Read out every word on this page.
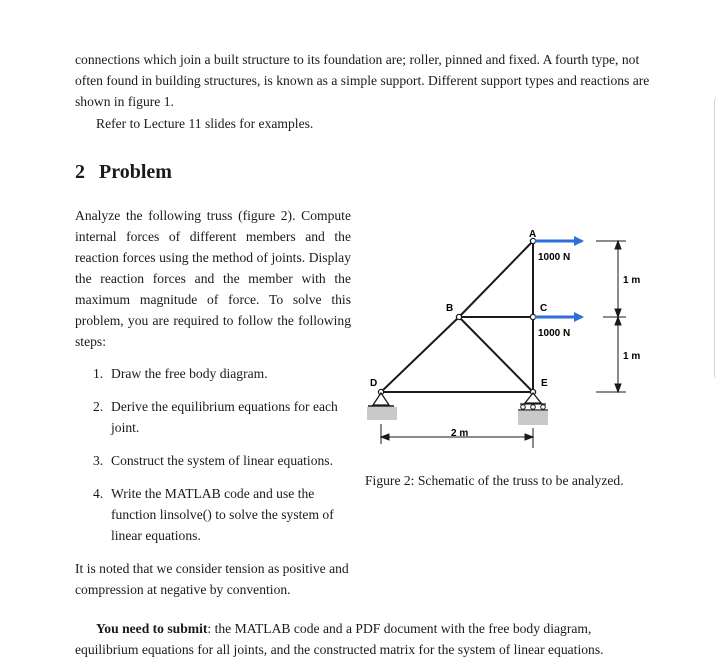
connections which join a built structure to its foundation are; roller, pinned and fixed. A fourth type, not often found in building structures, is known as a simple support. Different support types and reactions are shown in figure 1.

Refer to Lecture 11 slides for examples.

2 Problem

Analyze the following truss (figure 2). Compute internal forces of different members and the reaction forces using the method of joints. Display the reaction forces and the member with the maximum magnitude of force. To solve this problem, you are required to follow the following steps:

1. Draw the free body diagram.
2. Derive the equilibrium equations for each joint.
3. Construct the system of linear equations.
4. Write the MATLAB code and use the function linsolve() to solve the system of linear equations.

It is noted that we consider tension as positive and compression at negative by convention.

You need to submit: the MATLAB code and a PDF document with the free body diagram, equilibrium equations for all joints, and the constructed matrix for the system of linear equations.

A
B	C
D	E
1000 N
1000 N
2 m
1 m
1 m

Figure 2: Schematic of the truss to be analyzed.
